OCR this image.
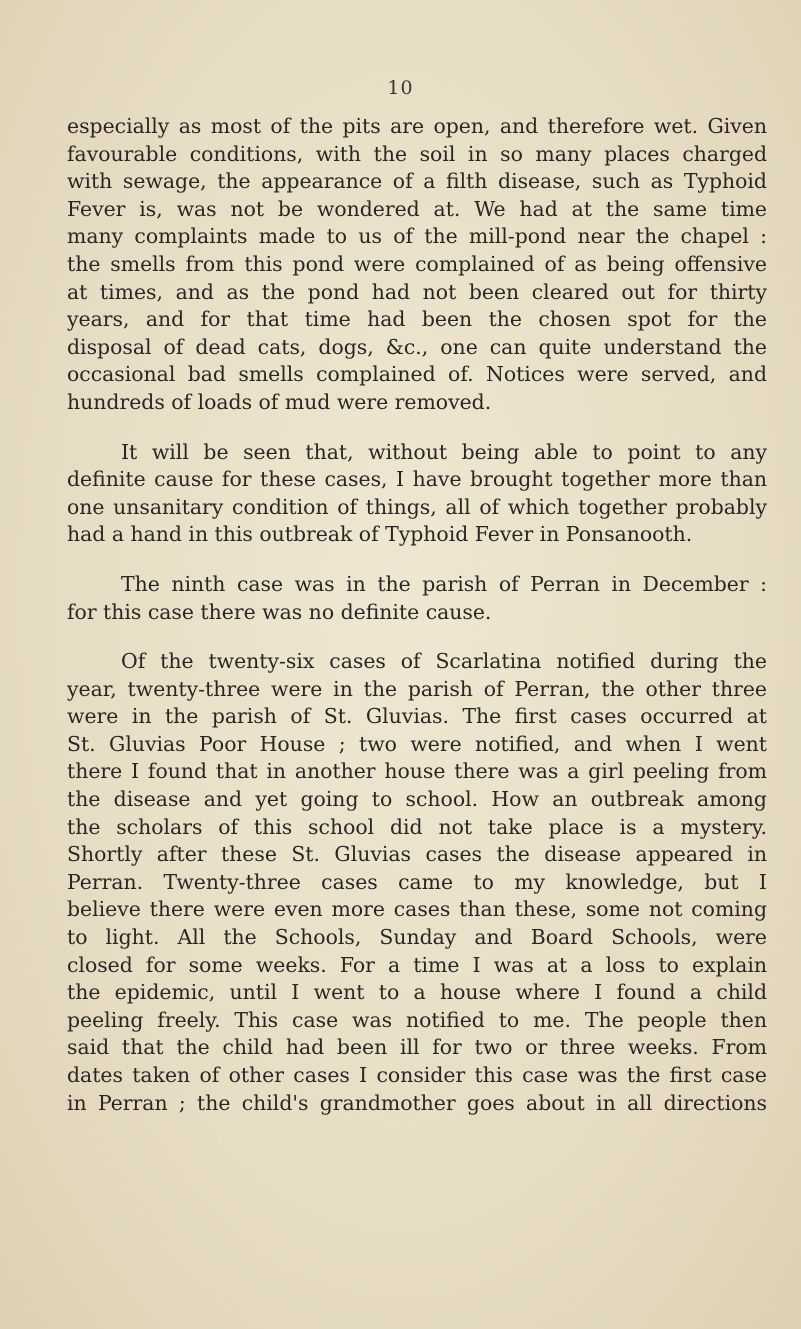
10

especially as most of the pits are open, and therefore wet. Given
favourable conditions, with the soil in so many places charged
with sewage, the appearance of a filth disease, such as Typhoid
Fever is, was not be wondered at. We had at the same time
many complaints made to us of the mill-pond near the chapel :
the smells from this pond were complained of as being offensive
at times, and as the pond had not been cleared out for thirty
years, and for that time had been the chosen spot for the
disposal of dead cats, dogs, &c., one can quite understand the
occasional bad smells complained of. Notices were served, and
hundreds of loads of mud were removed.

It will be seen that, without being able to point to any
definite cause for these cases, I have brought together more than
one unsanitary condition of things, all of which together probably
had a hand in this outbreak of Typhoid Fever in Ponsanooth.

The ninth case was in the parish of Perran in December :
for this case there was no definite cause.

Of the twenty-six cases of Scarlatina notified during the
year, twenty-three were in the parish of Perran, the other three
were in the parish of St. Gluvias. The first cases occurred at
St. Gluvias Poor House ; two were notified, and when I went
there I found that in another house there was a girl peeling from
the disease and yet going to school. How an outbreak among
the scholars of this school did not take place is a mystery.
Shortly after these St. Gluvias cases the disease appeared in
Perran. Twenty-three cases came to my knowledge, but I
believe there were even more cases than these, some not coming
to light. All the Schools, Sunday and Board Schools, were
closed for some weeks. For a time I was at a loss to explain
the epidemic, until I went to a house where I found a child
peeling freely. This case was notified to me. The people then
said that the child had been ill for two or three weeks. From
dates taken of other cases I consider this case was the first case
in Perran ; the child's grandmother goes about in all directions
